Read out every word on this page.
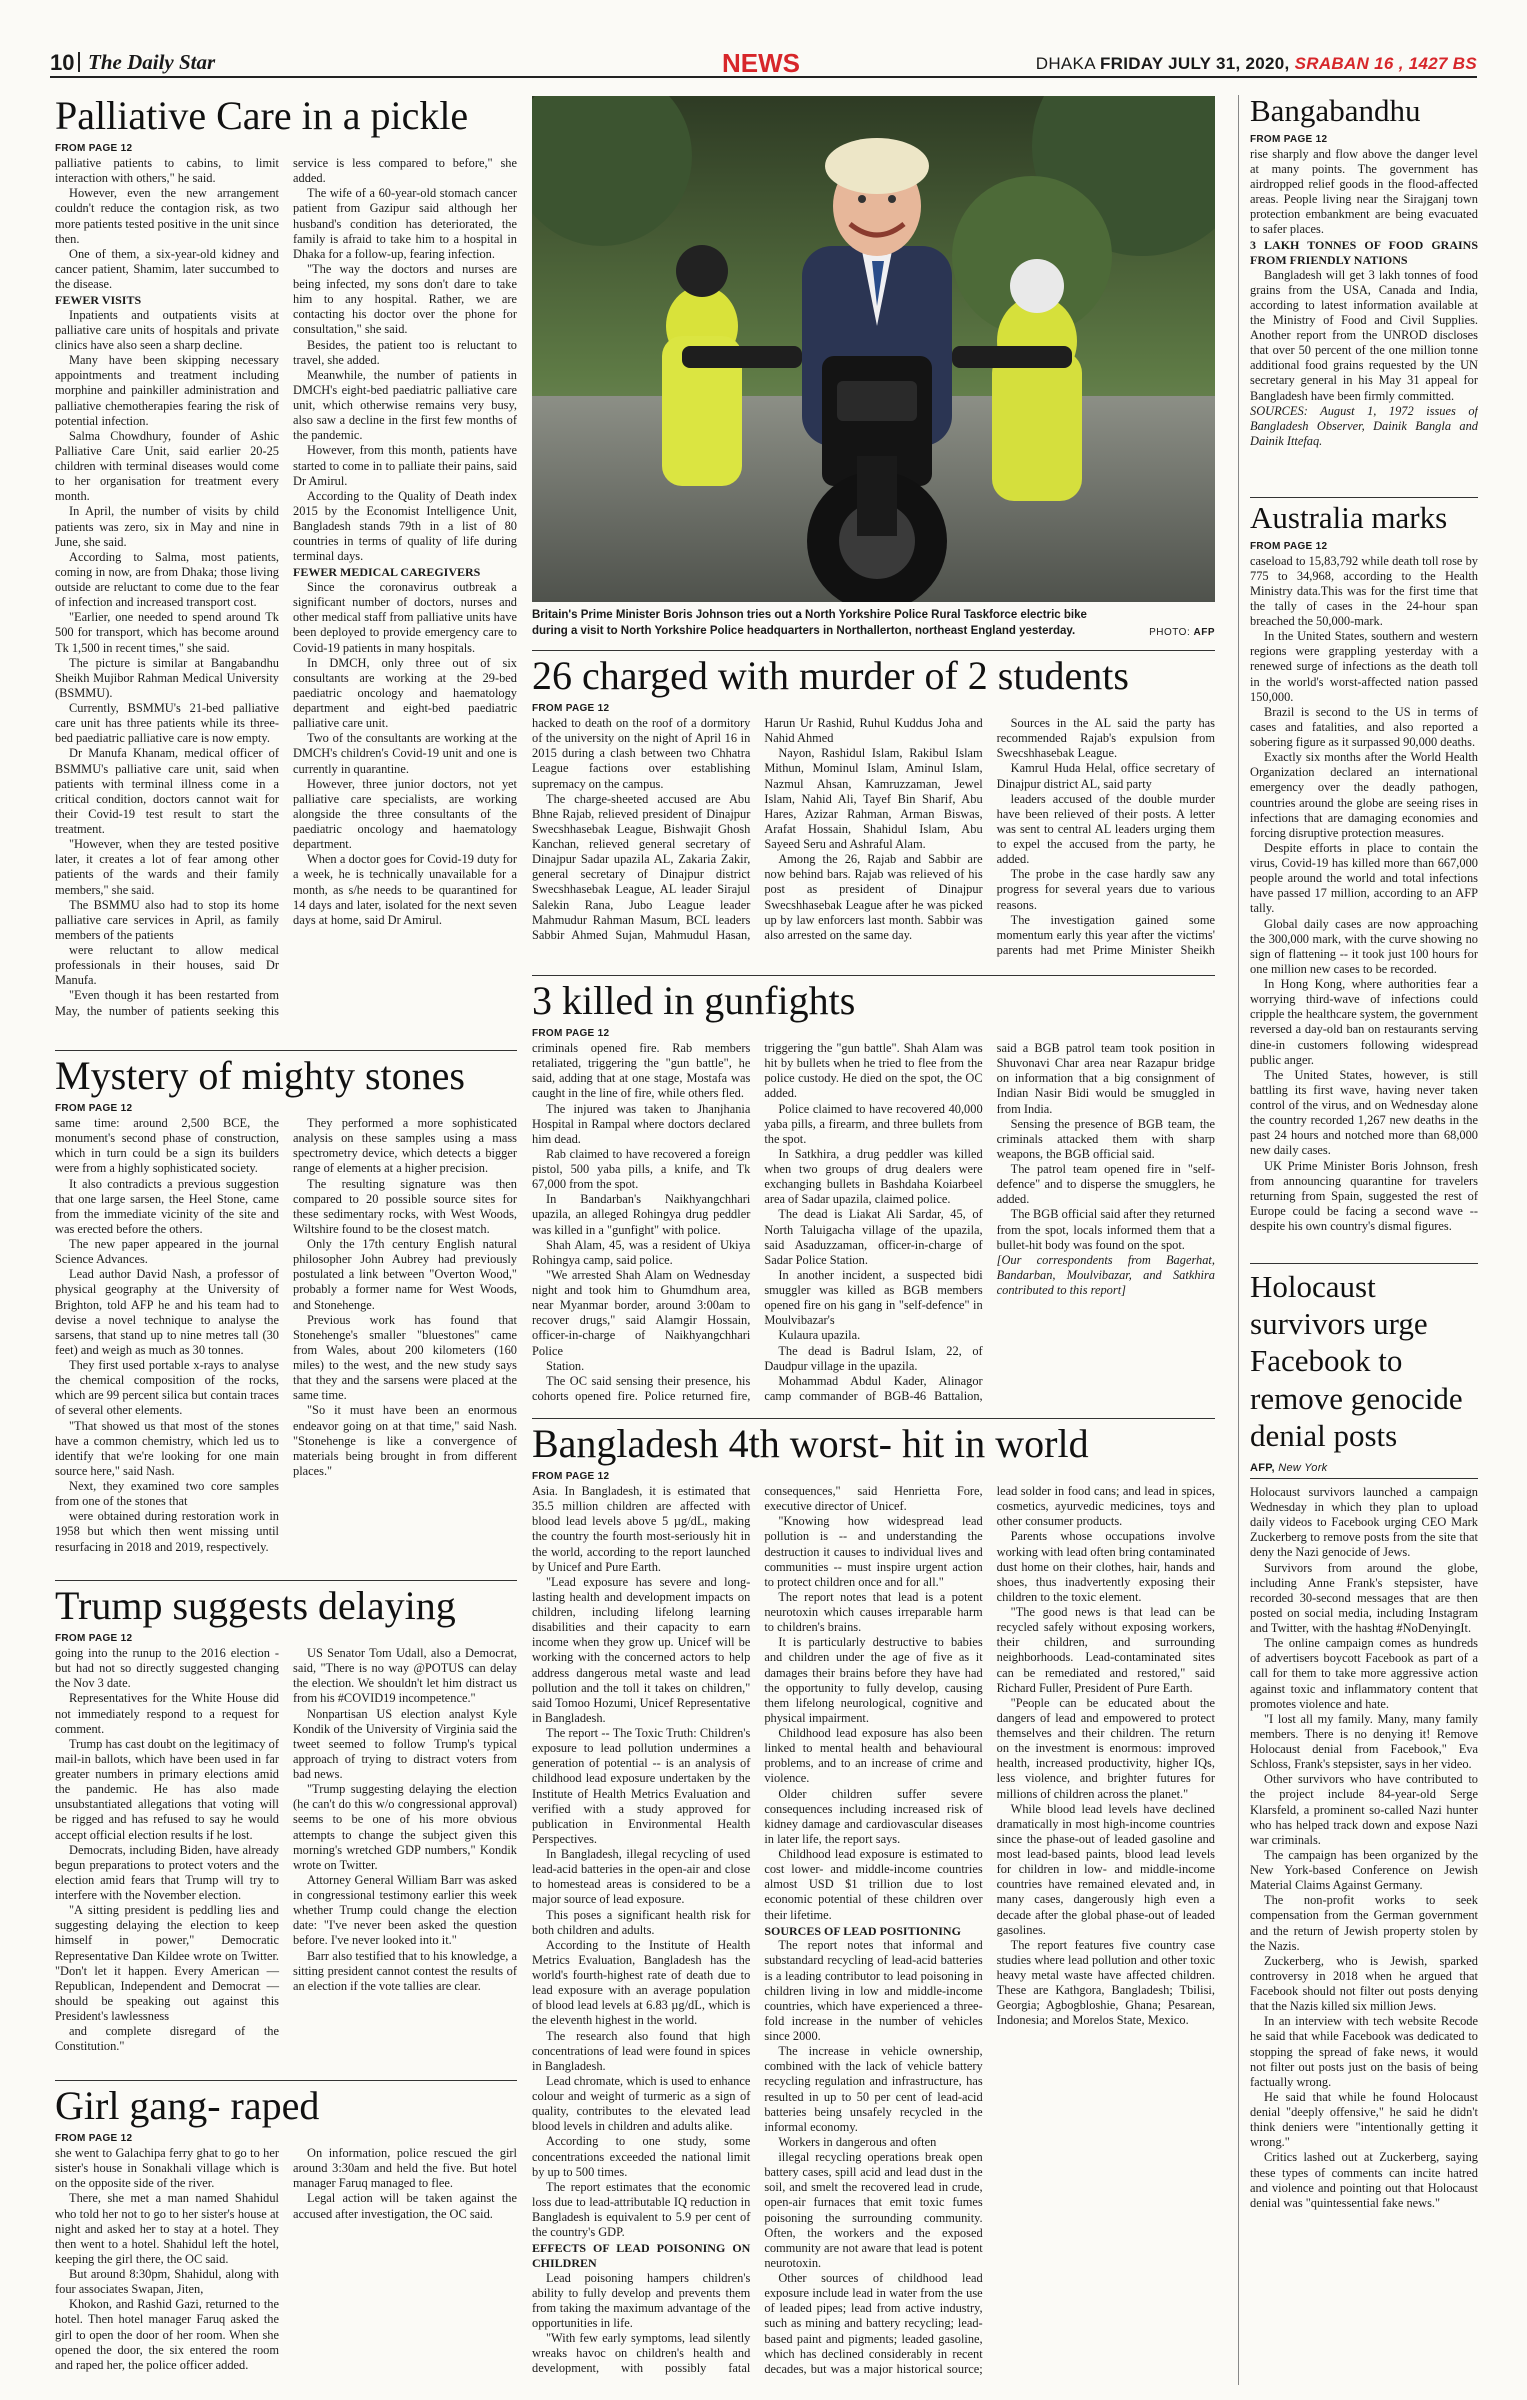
10 The Daily Star	NEWS	DHAKA FRIDAY JULY 31, 2020, SRABAN 16 , 1427 BS
Palliative Care in a pickle
FROM PAGE 12

palliative patients to cabins, to limit interaction with others," he said.

However, even the new arrangement couldn't reduce the contagion risk, as two more patients tested positive in the unit since then.

One of them, a six-year-old kidney and cancer patient, Shamim, later succumbed to the disease.

FEWER VISITS

Inpatients and outpatients visits at palliative care units of hospitals and private clinics have also seen a sharp decline.

Many have been skipping necessary appointments and treatment including morphine and painkiller administration and palliative chemotherapies fearing the risk of potential infection.

Salma Chowdhury, founder of Ashic Palliative Care Unit, said earlier 20-25 children with terminal diseases would come to her organisation for treatment every month.

In April, the number of visits by child patients was zero, six in May and nine in June, she said.

According to Salma, most patients, coming in now, are from Dhaka; those living outside are reluctant to come due to the fear of infection and increased transport cost.

"Earlier, one needed to spend around Tk 500 for transport, which has become around Tk 1,500 in recent times," she said.

The picture is similar at Bangabandhu Sheikh Mujibor Rahman Medical University (BSMMU).

Currently, BSMMU's 21-bed palliative care unit has three patients while its three-bed paediatric palliative care is now empty.

Dr Manufa Khanam, medical officer of BSMMU's palliative care unit, said when patients with terminal illness come in a critical condition, doctors cannot wait for their Covid-19 test result to start the treatment.

"However, when they are tested positive later, it creates a lot of fear among other patients of the wards and their family members," she said.

The BSMMU also had to stop its home palliative care services in April, as family members of the patients

were reluctant to allow medical professionals in their houses, said Dr Manufa.

"Even though it has been restarted from May, the number of patients seeking this service is less compared to before," she added.

The wife of a 60-year-old stomach cancer patient from Gazipur said although her husband's condition has deteriorated, the family is afraid to take him to a hospital in Dhaka for a follow-up, fearing infection.

"The way the doctors and nurses are being infected, my sons don't dare to take him to any hospital. Rather, we are contacting his doctor over the phone for consultation," she said.

Besides, the patient too is reluctant to travel, she added.

Meanwhile, the number of patients in DMCH's eight-bed paediatric palliative care unit, which otherwise remains very busy, also saw a decline in the first few months of the pandemic.

However, from this month, patients have started to come in to palliate their pains, said Dr Amirul.

According to the Quality of Death index 2015 by the Economist Intelligence Unit, Bangladesh stands 79th in a list of 80 countries in terms of quality of life during terminal days.

FEWER MEDICAL CAREGIVERS

Since the coronavirus outbreak a significant number of doctors, nurses and other medical staff from palliative units have been deployed to provide emergency care to Covid-19 patients in many hospitals.

In DMCH, only three out of six consultants are working at the 29-bed paediatric oncology and haematology department and eight-bed paediatric palliative care unit.

Two of the consultants are working at the DMCH's children's Covid-19 unit and one is currently in quarantine.

However, three junior doctors, not yet palliative care specialists, are working alongside the three consultants of the paediatric oncology and haematology department.

When a doctor goes for Covid-19 duty for a week, he is technically unavailable for a month, as s/he needs to be quarantined for 14 days and later, isolated for the next seven days at home, said Dr Amirul.

Mystery of mighty stones
FROM PAGE 12

same time: around 2,500 BCE, the monument's second phase of construction, which in turn could be a sign its builders were from a highly sophisticated society.

It also contradicts a previous suggestion that one large sarsen, the Heel Stone, came from the immediate vicinity of the site and was erected before the others.

The new paper appeared in the journal Science Advances.

Lead author David Nash, a professor of physical geography at the University of Brighton, told AFP he and his team had to devise a novel technique to analyse the sarsens, that stand up to nine metres tall (30 feet) and weigh as much as 30 tonnes.

They first used portable x-rays to analyse the chemical composition of the rocks, which are 99 percent silica but contain traces of several other elements.

"That showed us that most of the stones have a common chemistry, which led us to identify that we're looking for one main source here," said Nash.

Next, they examined two core samples from one of the stones that

were obtained during restoration work in 1958 but which then went missing until resurfacing in 2018 and 2019, respectively.

They performed a more sophisticated analysis on these samples using a mass spectrometry device, which detects a bigger range of elements at a higher precision.

The resulting signature was then compared to 20 possible source sites for these sedimentary rocks, with West Woods, Wiltshire found to be the closest match.

Only the 17th century English natural philosopher John Aubrey had previously postulated a link between "Overton Wood," probably a former name for West Woods, and Stonehenge.

Previous work has found that Stonehenge's smaller "bluestones" came from Wales, about 200 kilometers (160 miles) to the west, and the new study says that they and the sarsens were placed at the same time.

"So it must have been an enormous endeavor going on at that time," said Nash. "Stonehenge is like a convergence of materials being brought in from different places."

Trump suggests delaying
FROM PAGE 12

going into the runup to the 2016 election - but had not so directly suggested changing the Nov 3 date.

Representatives for the White House did not immediately respond to a request for comment.

Trump has cast doubt on the legitimacy of mail-in ballots, which have been used in far greater numbers in primary elections amid the pandemic. He has also made unsubstantiated allegations that voting will be rigged and has refused to say he would accept official election results if he lost.

Democrats, including Biden, have already begun preparations to protect voters and the election amid fears that Trump will try to interfere with the November election.

"A sitting president is peddling lies and suggesting delaying the election to keep himself in power," Democratic Representative Dan Kildee wrote on Twitter. "Don't let it happen. Every American — Republican, Independent and Democrat — should be speaking out against this President's lawlessness

and complete disregard of the Constitution."

US Senator Tom Udall, also a Democrat, said, "There is no way @POTUS can delay the election. We shouldn't let him distract us from his #COVID19 incompetence."

Nonpartisan US election analyst Kyle Kondik of the University of Virginia said the tweet seemed to follow Trump's typical approach of trying to distract voters from bad news.

"Trump suggesting delaying the election (he can't do this w/o congressional approval) seems to be one of his more obvious attempts to change the subject given this morning's wretched GDP numbers," Kondik wrote on Twitter.

Attorney General William Barr was asked in congressional testimony earlier this week whether Trump could change the election date: "I've never been asked the question before. I've never looked into it."

Barr also testified that to his knowledge, a sitting president cannot contest the results of an election if the vote tallies are clear.

Girl gang- raped
FROM PAGE 12

she went to Galachipa ferry ghat to go to her sister's house in Sonakhali village which is on the opposite side of the river.

There, she met a man named Shahidul who told her not to go to her sister's house at night and asked her to stay at a hotel. They then went to a hotel. Shahidul left the hotel, keeping the girl there, the OC said.

But around 8:30pm, Shahidul, along with four associates Swapan, Jiten,

Khokon, and Rashid Gazi, returned to the hotel. Then hotel manager Faruq asked the girl to open the door of her room. When she opened the door, the six entered the room and raped her, the police officer added.

On information, police rescued the girl around 3:30am and held the five. But hotel manager Faruq managed to flee.

Legal action will be taken against the accused after investigation, the OC said.

Britain's Prime Minister Boris Johnson tries out a North Yorkshire Police Rural Taskforce electric bike during a visit to North Yorkshire Police headquarters in Northallerton, northeast England yesterday.	PHOTO: AFP
26 charged with murder of 2 students
FROM PAGE 12

hacked to death on the roof of a dormitory of the university on the night of April 16 in 2015 during a clash between two Chhatra League factions over establishing supremacy on the campus.

The charge-sheeted accused are Abu Bhne Rajab, relieved president of Dinajpur Swecshhasebak League, Bishwajit Ghosh Kanchan, relieved general secretary of Dinajpur Sadar upazila AL, Zakaria Zakir, general secretary of Dinajpur district Swecshhasebak League, AL leader Sirajul Salekin Rana, Jubo League leader Mahmudur Rahman Masum, BCL leaders Sabbir Ahmed Sujan, Mahmudul Hasan, Harun Ur Rashid, Ruhul Kuddus Joha and Nahid Ahmed

Nayon, Rashidul Islam, Rakibul Islam Mithun, Mominul Islam, Aminul Islam, Nazmul Ahsan, Kamruzzaman, Jewel Islam, Nahid Ali, Tayef Bin Sharif, Abu Hares, Azizar Rahman, Arman Biswas, Arafat Hossain, Shahidul Islam, Abu Sayeed Seru and Ashraful Alam.

Among the 26, Rajab and Sabbir are now behind bars. Rajab was relieved of his post as president of Dinajpur Swecshhasebak League after he was picked up by law enforcers last month. Sabbir was also arrested on the same day.

Sources in the AL said the party has recommended Rajab's expulsion from Swecshhasebak League.

Kamrul Huda Helal, office secretary of Dinajpur district AL, said party

leaders accused of the double murder have been relieved of their posts. A letter was sent to central AL leaders urging them to expel the accused from the party, he added.

The probe in the case hardly saw any progress for several years due to various reasons.

The investigation gained some momentum early this year after the victims' parents had met Prime Minister Sheikh

3 killed in gunfights
FROM PAGE 12

criminals opened fire. Rab members retaliated, triggering the "gun battle", he said, adding that at one stage, Mostafa was caught in the line of fire, while others fled.

The injured was taken to Jhanjhania Hospital in Rampal where doctors declared him dead.

Rab claimed to have recovered a foreign pistol, 500 yaba pills, a knife, and Tk 67,000 from the spot.

In Bandarban's Naikhyangchhari upazila, an alleged Rohingya drug peddler was killed in a "gunfight" with police.

Shah Alam, 45, was a resident of Ukiya Rohingya camp, said police.

"We arrested Shah Alam on Wednesday night and took him to Ghumdhum area, near Myanmar border, around 3:00am to recover drugs," said Alamgir Hossain, officer-in-charge of Naikhyangchhari Police

Station.

The OC said sensing their presence, his cohorts opened fire. Police returned fire, triggering the "gun battle". Shah Alam was hit by bullets when he tried to flee from the police custody. He died on the spot, the OC added.

Police claimed to have recovered 40,000 yaba pills, a firearm, and three bullets from the spot.

In Satkhira, a drug peddler was killed when two groups of drug dealers were exchanging bullets in Bashdaha Koiarbeel area of Sadar upazila, claimed police.

The dead is Liakat Ali Sardar, 45, of North Taluigacha village of the upazila, said Asaduzzaman, officer-in-charge of Sadar Police Station.

In another incident, a suspected bidi smuggler was killed as BGB members opened fire on his gang in "self-defence" in Moulvibazar's

Kulaura upazila.

The dead is Badrul Islam, 22, of Daudpur village in the upazila.

Mohammad Abdul Kader, Alinagor camp commander of BGB-46 Battalion, said a BGB patrol team took position in Shuvonavi Char area near Razapur bridge on information that a big consignment of Indian Nasir Bidi would be smuggled in from India.

Sensing the presence of BGB team, the criminals attacked them with sharp weapons, the BGB official said.

The patrol team opened fire in "self-defence" and to disperse the smugglers, he added.

The BGB official said after they returned from the spot, locals informed them that a bullet-hit body was found on the spot.

[Our correspondents from Bagerhat, Bandarban, Moulvibazar, and Satkhira contributed to this report]

Bangladesh 4th worst- hit in world
FROM PAGE 12

Asia. In Bangladesh, it is estimated that 35.5 million children are affected with blood lead levels above 5 µg/dL, making the country the fourth most-seriously hit in the world, according to the report launched by Unicef and Pure Earth.

"Lead exposure has severe and long-lasting health and development impacts on children, including lifelong learning disabilities and their capacity to earn income when they grow up. Unicef will be working with the concerned actors to help address dangerous metal waste and lead pollution and the toll it takes on children," said Tomoo Hozumi, Unicef Representative in Bangladesh.

The report -- The Toxic Truth: Children's exposure to lead pollution undermines a generation of potential -- is an analysis of childhood lead exposure undertaken by the Institute of Health Metrics Evaluation and verified with a study approved for publication in Environmental Health Perspectives.

In Bangladesh, illegal recycling of used lead-acid batteries in the open-air and close to homestead areas is considered to be a major source of lead exposure.

This poses a significant health risk for both children and adults.

According to the Institute of Health Metrics Evaluation, Bangladesh has the world's fourth-highest rate of death due to lead exposure with an average population of blood lead levels at 6.83 µg/dL, which is the eleventh highest in the world.

The research also found that high concentrations of lead were found in spices in Bangladesh.

Lead chromate, which is used to enhance colour and weight of turmeric as a sign of quality, contributes to the elevated lead blood levels in children and adults alike.

According to one study, some concentrations exceeded the national limit by up to 500 times.

The report estimates that the economic loss due to lead-attributable IQ reduction in Bangladesh is equivalent to 5.9 per cent of the country's GDP.

EFFECTS OF LEAD POISONING ON CHILDREN

Lead poisoning hampers children's ability to fully develop and prevents them from taking the maximum advantage of the opportunities in life.

"With few early symptoms, lead silently wreaks havoc on children's health and development, with possibly fatal consequences," said Henrietta Fore, executive director of Unicef.

"Knowing how widespread lead pollution is -- and understanding the destruction it causes to individual lives and communities -- must inspire urgent action to protect children once and for all."

The report notes that lead is a potent neurotoxin which causes irreparable harm to children's brains.

It is particularly destructive to babies and children under the age of five as it damages their brains before they have had the opportunity to fully develop, causing them lifelong neurological, cognitive and physical impairment.

Childhood lead exposure has also been linked to mental health and behavioural problems, and to an increase of crime and violence.

Older children suffer severe consequences including increased risk of kidney damage and cardiovascular diseases in later life, the report says.

Childhood lead exposure is estimated to cost lower- and middle-income countries almost USD $1 trillion due to lost economic potential of these children over their lifetime.

SOURCES OF LEAD POSITIONING

The report notes that informal and substandard recycling of lead-acid batteries is a leading contributor to lead poisoning in children living in low and middle-income countries, which have experienced a three-fold increase in the number of vehicles since 2000.

The increase in vehicle ownership, combined with the lack of vehicle battery recycling regulation and infrastructure, has resulted in up to 50 per cent of lead-acid batteries being unsafely recycled in the informal economy.

Workers in dangerous and often

illegal recycling operations break open battery cases, spill acid and lead dust in the soil, and smelt the recovered lead in crude, open-air furnaces that emit toxic fumes poisoning the surrounding community. Often, the workers and the exposed community are not aware that lead is potent neurotoxin.

Other sources of childhood lead exposure include lead in water from the use of leaded pipes; lead from active industry, such as mining and battery recycling; lead-based paint and pigments; leaded gasoline, which has declined considerably in recent decades, but was a major historical source; lead solder in food cans; and lead in spices, cosmetics, ayurvedic medicines, toys and other consumer products.

Parents whose occupations involve working with lead often bring contaminated dust home on their clothes, hair, hands and shoes, thus inadvertently exposing their children to the toxic element.

"The good news is that lead can be recycled safely without exposing workers, their children, and surrounding neighborhoods. Lead-contaminated sites can be remediated and restored," said Richard Fuller, President of Pure Earth.

"People can be educated about the dangers of lead and empowered to protect themselves and their children. The return on the investment is enormous: improved health, increased productivity, higher IQs, less violence, and brighter futures for millions of children across the planet."

While blood lead levels have declined dramatically in most high-income countries since the phase-out of leaded gasoline and most lead-based paints, blood lead levels for children in low- and middle-income countries have remained elevated and, in many cases, dangerously high even a decade after the global phase-out of leaded gasolines.

The report features five country case studies where lead pollution and other toxic heavy metal waste have affected children. These are Kathgora, Bangladesh; Tbilisi, Georgia; Agbogbloshie, Ghana; Pesarean, Indonesia; and Morelos State, Mexico.

Bangabandhu
FROM PAGE 12

rise sharply and flow above the danger level at many points. The government has airdropped relief goods in the flood-affected areas. People living near the Sirajganj town protection embankment are being evacuated to safer places.

3 LAKH TONNES OF FOOD GRAINS FROM FRIENDLY NATIONS

Bangladesh will get 3 lakh tonnes of food grains from the USA, Canada and India, according to latest information available at the Ministry of Food and Civil Supplies. Another report from the UNROD discloses that over 50 percent of the one million tonne additional food grains requested by the UN secretary general in his May 31 appeal for Bangladesh have been firmly committed.

SOURCES: August 1, 1972 issues of Bangladesh Observer, Dainik Bangla and Dainik Ittefaq.

Australia marks
FROM PAGE 12

caseload to 15,83,792 while death toll rose by 775 to 34,968, according to the Health Ministry data.This was for the first time that the tally of cases in the 24-hour span breached the 50,000-mark.

In the United States, southern and western regions were grappling yesterday with a renewed surge of infections as the death toll in the world's worst-affected nation passed 150,000.

Brazil is second to the US in terms of cases and fatalities, and also reported a sobering figure as it surpassed 90,000 deaths.

Exactly six months after the World Health Organization declared an international emergency over the deadly pathogen, countries around the globe are seeing rises in infections that are damaging economies and forcing disruptive protection measures.

Despite efforts in place to contain the virus, Covid-19 has killed more than 667,000 people around the world and total infections have passed 17 million, according to an AFP tally.

Global daily cases are now approaching the 300,000 mark, with the curve showing no sign of flattening -- it took just 100 hours for one million new cases to be recorded.

In Hong Kong, where authorities fear a worrying third-wave of infections could cripple the healthcare system, the government reversed a day-old ban on restaurants serving dine-in customers following widespread public anger.

The United States, however, is still battling its first wave, having never taken control of the virus, and on Wednesday alone the country recorded 1,267 new deaths in the past 24 hours and notched more than 68,000 new daily cases.

UK Prime Minister Boris Johnson, fresh from announcing quarantine for travelers returning from Spain, suggested the rest of Europe could be facing a second wave -- despite his own country's dismal figures.

Holocaust survivors urge Facebook to remove genocide denial posts
AFP, New York

Holocaust survivors launched a campaign Wednesday in which they plan to upload daily videos to Facebook urging CEO Mark Zuckerberg to remove posts from the site that deny the Nazi genocide of Jews.

Survivors from around the globe, including Anne Frank's stepsister, have recorded 30-second messages that are then posted on social media, including Instagram and Twitter, with the hashtag #NoDenyingIt.

The online campaign comes as hundreds of advertisers boycott Facebook as part of a call for them to take more aggressive action against toxic and inflammatory content that promotes violence and hate.

"I lost all my family. Many, many family members. There is no denying it! Remove Holocaust denial from Facebook," Eva Schloss, Frank's stepsister, says in her video.

Other survivors who have contributed to the project include 84-year-old Serge Klarsfeld, a prominent so-called Nazi hunter who has helped track down and expose Nazi war criminals.

The campaign has been organized by the New York-based Conference on Jewish Material Claims Against Germany.

The non-profit works to seek compensation from the German government and the return of Jewish property stolen by the Nazis.

Zuckerberg, who is Jewish, sparked controversy in 2018 when he argued that Facebook should not filter out posts denying that the Nazis killed six million Jews.

In an interview with tech website Recode he said that while Facebook was dedicated to stopping the spread of fake news, it would not filter out posts just on the basis of being factually wrong.

He said that while he found Holocaust denial "deeply offensive," he said he didn't think deniers were "intentionally getting it wrong."

Critics lashed out at Zuckerberg, saying these types of comments can incite hatred and violence and pointing out that Holocaust denial was "quintessential fake news."
